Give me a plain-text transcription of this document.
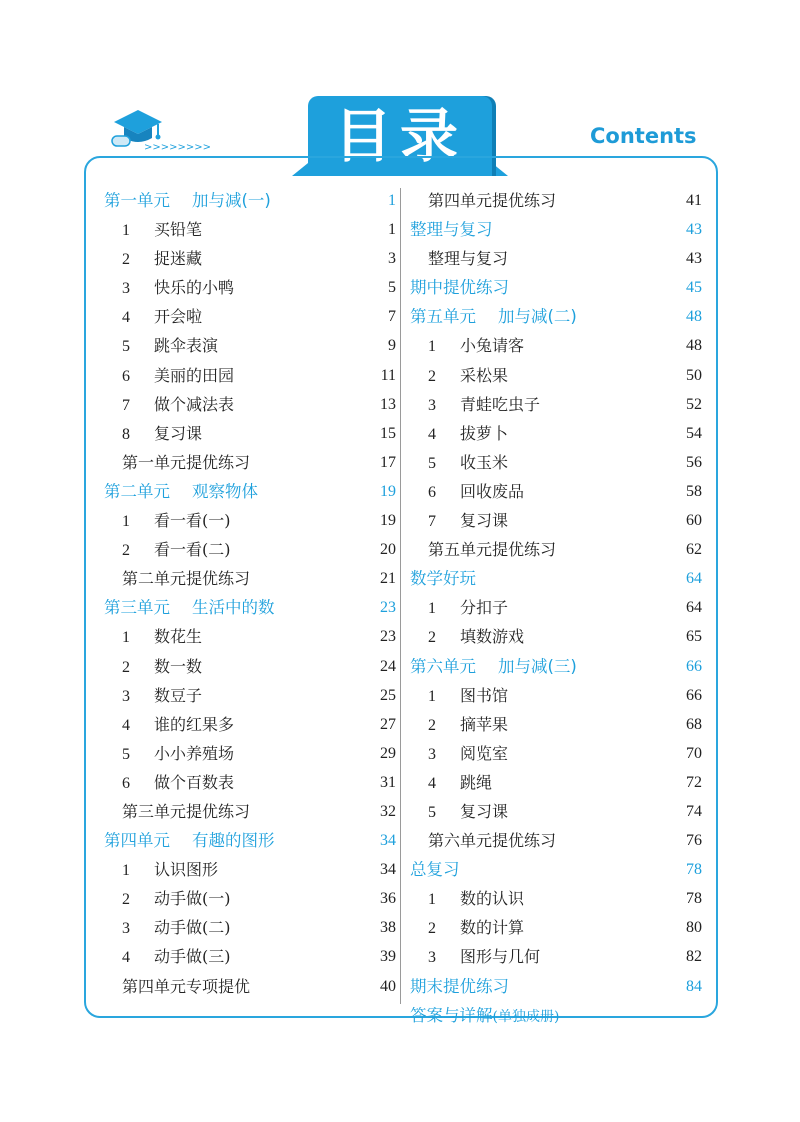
目录	Contents
>>>>>>>>
第一单元 加与减(一)	1
1 买铅笔	1
2 捉迷藏	3
3 快乐的小鸭	5
4 开会啦	7
5 跳伞表演	9
6 美丽的田园	11
7 做个减法表	13
8 复习课	15
第一单元提优练习	17
第二单元 观察物体	19
1 看一看(一)	19
2 看一看(二)	20
第二单元提优练习	21
第三单元 生活中的数	23
1 数花生	23
2 数一数	24
3 数豆子	25
4 谁的红果多	27
5 小小养殖场	29
6 做个百数表	31
第三单元提优练习	32
第四单元 有趣的图形	34
1 认识图形	34
2 动手做(一)	36
3 动手做(二)	38
4 动手做(三)	39
第四单元专项提优	40
第四单元提优练习	41
整理与复习	43
整理与复习	43
期中提优练习	45
第五单元 加与减(二)	48
1 小兔请客	48
2 采松果	50
3 青蛙吃虫子	52
4 拔萝卜	54
5 收玉米	56
6 回收废品	58
7 复习课	60
第五单元提优练习	62
数学好玩	64
1 分扣子	64
2 填数游戏	65
第六单元 加与减(三)	66
1 图书馆	66
2 摘苹果	68
3 阅览室	70
4 跳绳	72
5 复习课	74
第六单元提优练习	76
总复习	78
1 数的认识	78
2 数的计算	80
3 图形与几何	82
期末提优练习	84
答案与详解(单独成册)
